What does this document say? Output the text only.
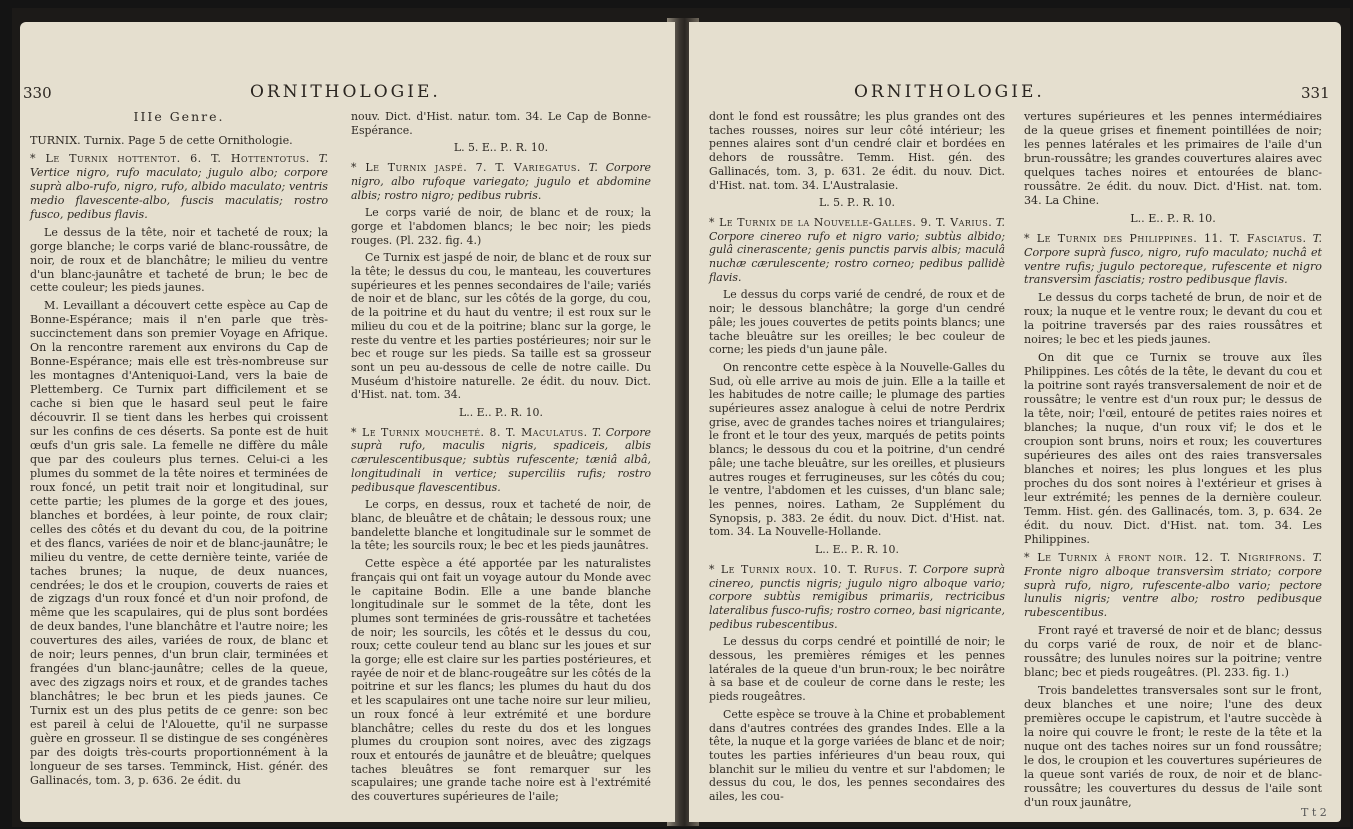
330	ORNITHOLOGIE.
IIIe Genre.

TURNIX. Turnix. Page 5 de cette Ornithologie.

* Le Turnix hottentot. 6. T. Hottentotus. T. Vertice nigro, rufo maculato; jugulo albo; corpore suprà albo-rufo, nigro, rufo, albido maculato; ventris medio flavescente-albo, fuscis maculatis; rostro fusco, pedibus flavis.

Le dessus de la tête, noir et tacheté de roux; la gorge blanche; le corps varié de blanc-roussâtre, de noir, de roux et de blanchâtre; le milieu du ventre d'un blanc-jaunâtre et tacheté de brun; le bec de cette couleur; les pieds jaunes.

M. Levaillant a découvert cette espèce au Cap de Bonne-Espérance; mais il n'en parle que très-succinctement dans son premier Voyage en Afrique. On la rencontre rarement aux environs du Cap de Bonne-Espérance; mais elle est très-nombreuse sur les montagnes d'Anteniquoi-Land, vers la baie de Plettemberg. Ce Turnix part difficilement et se cache si bien que le hasard seul peut le faire découvrir. Il se tient dans les herbes qui croissent sur les confins de ces déserts. Sa ponte est de huit œufs d'un gris sale. La femelle ne diffère du mâle que par des couleurs plus ternes. Celui-ci a les plumes du sommet de la tête noires et terminées de roux foncé, un petit trait noir et longitudinal, sur cette partie; les plumes de la gorge et des joues, blanches et bordées, à leur pointe, de roux clair; celles des côtés et du devant du cou, de la poitrine et des flancs, variées de noir et de blanc-jaunâtre; le milieu du ventre, de cette dernière teinte, variée de taches brunes; la nuque, de deux nuances, cendrées; le dos et le croupion, couverts de raies et de zigzags d'un roux foncé et d'un noir profond, de même que les scapulaires, qui de plus sont bordées de deux bandes, l'une blanchâtre et l'autre noire; les couvertures des ailes, variées de roux, de blanc et de noir; leurs pennes, d'un brun clair, terminées et frangées d'un blanc-jaunâtre; celles de la queue, avec des zigzags noirs et roux, et de grandes taches blanchâtres; le bec brun et les pieds jaunes. Ce Turnix est un des plus petits de ce genre: son bec est pareil à celui de l'Alouette, qu'il ne surpasse guère en grosseur. Il se distingue de ses congénères par des doigts très-courts proportionnément à la longueur de ses tarses. Temminck, Hist. génér. des Gallinacés, tom. 3, p. 636. 2e édit. du

nouv. Dict. d'Hist. natur. tom. 34. Le Cap de Bonne-Espérance.

L. 5. E.. P.. R. 10.

* Le Turnix jaspé. 7. T. Variegatus. T. Corpore nigro, albo rufoque variegato; jugulo et abdomine albis; rostro nigro; pedibus rubris.

Le corps varié de noir, de blanc et de roux; la gorge et l'abdomen blancs; le bec noir; les pieds rouges. (Pl. 232. fig. 4.)

Ce Turnix est jaspé de noir, de blanc et de roux sur la tête; le dessus du cou, le manteau, les couvertures supérieures et les pennes secondaires de l'aile; variés de noir et de blanc, sur les côtés de la gorge, du cou, de la poitrine et du haut du ventre; il est roux sur le milieu du cou et de la poitrine; blanc sur la gorge, le reste du ventre et les parties postérieures; noir sur le bec et rouge sur les pieds. Sa taille est sa grosseur sont un peu au-dessous de celle de notre caille. Du Muséum d'histoire naturelle. 2e édit. du nouv. Dict. d'Hist. nat. tom. 34.

L.. E.. P.. R. 10.

* Le Turnix moucheté. 8. T. Maculatus. T. Corpore suprà rufo, maculis nigris, spadiceis, albis cærulescentibusque; subtùs rufescente; tæniâ albâ, longitudinali in vertice; superciliis rufis; rostro pedibusque flavescentibus.

Le corps, en dessus, roux et tacheté de noir, de blanc, de bleuâtre et de châtain; le dessous roux; une bandelette blanche et longitudinale sur le sommet de la tête; les sourcils roux; le bec et les pieds jaunâtres.

Cette espèce a été apportée par les naturalistes français qui ont fait un voyage autour du Monde avec le capitaine Bodin. Elle a une bande blanche longitudinale sur le sommet de la tête, dont les plumes sont terminées de gris-roussâtre et tachetées de noir; les sourcils, les côtés et le dessus du cou, roux; cette couleur tend au blanc sur les joues et sur la gorge; elle est claire sur les parties postérieures, et rayée de noir et de blanc-rougeâtre sur les côtés de la poitrine et sur les flancs; les plumes du haut du dos et les scapulaires ont une tache noire sur leur milieu, un roux foncé à leur extrémité et une bordure blanchâtre; celles du reste du dos et les longues plumes du croupion sont noires, avec des zigzags roux et entourés de jaunâtre et de bleuâtre; quelques taches bleuâtres se font remarquer sur les scapulaires; une grande tache noire est à l'extrémité des couvertures supérieures de l'aile;

ORNITHOLOGIE.	331

dont le fond est roussâtre; les plus grandes ont des taches rousses, noires sur leur côté intérieur; les pennes alaires sont d'un cendré clair et bordées en dehors de roussâtre. Temm. Hist. gén. des Gallinacés, tom. 3, p. 631. 2e édit. du nouv. Dict. d'Hist. nat. tom. 34. L'Australasie.

L. 5. P.. R. 10.

* Le Turnix de la Nouvelle-Galles. 9. T. Varius. T. Corpore cinereo rufo et nigro vario; subtùs albido; gulâ cinerascente; genis punctis parvis albis; maculâ nuchæ cærulescente; rostro corneo; pedibus pallidè flavis.

Le dessus du corps varié de cendré, de roux et de noir; le dessous blanchâtre; la gorge d'un cendré pâle; les joues couvertes de petits points blancs; une tache bleuâtre sur les oreilles; le bec couleur de corne; les pieds d'un jaune pâle.

On rencontre cette espèce à la Nouvelle-Galles du Sud, où elle arrive au mois de juin. Elle a la taille et les habitudes de notre caille; le plumage des parties supérieures assez analogue à celui de notre Perdrix grise, avec de grandes taches noires et triangulaires; le front et le tour des yeux, marqués de petits points blancs; le dessous du cou et la poitrine, d'un cendré pâle; une tache bleuâtre, sur les oreilles, et plusieurs autres rouges et ferrugineuses, sur les côtés du cou; le ventre, l'abdomen et les cuisses, d'un blanc sale; les pennes, noires. Latham, 2e Supplément du Synopsis, p. 383. 2e édit. du nouv. Dict. d'Hist. nat. tom. 34. La Nouvelle-Hollande.

L.. E.. P.. R. 10.

* Le Turnix roux. 10. T. Rufus. T. Corpore suprà cinereo, punctis nigris; jugulo nigro alboque vario; corpore subtùs remigibus primariis, rectricibus lateralibus fusco-rufis; rostro corneo, basi nigricante, pedibus rubescentibus.

Le dessus du corps cendré et pointillé de noir; le dessous, les premières rémiges et les pennes latérales de la queue d'un brun-roux; le bec noirâtre à sa base et de couleur de corne dans le reste; les pieds rougeâtres.

Cette espèce se trouve à la Chine et probablement dans d'autres contrées des grandes Indes. Elle a la tête, la nuque et la gorge variées de blanc et de noir; toutes les parties inférieures d'un beau roux, qui blanchit sur le milieu du ventre et sur l'abdomen; le dessus du cou, le dos, les pennes secondaires des ailes, les cou-

vertures supérieures et les pennes intermédiaires de la queue grises et finement pointillées de noir; les pennes latérales et les primaires de l'aile d'un brun-roussâtre; les grandes couvertures alaires avec quelques taches noires et entourées de blanc-roussâtre. 2e édit. du nouv. Dict. d'Hist. nat. tom. 34. La Chine.

L.. E.. P.. R. 10.

* Le Turnix des Philippines. 11. T. Fasciatus. T. Corpore suprà fusco, nigro, rufo maculato; nuchâ et ventre rufis; jugulo pectoreque, rufescente et nigro transversìm fasciatis; rostro pedibusque flavis.

Le dessus du corps tacheté de brun, de noir et de roux; la nuque et le ventre roux; le devant du cou et la poitrine traversés par des raies roussâtres et noires; le bec et les pieds jaunes.

On dit que ce Turnix se trouve aux îles Philippines. Les côtés de la tête, le devant du cou et la poitrine sont rayés transversalement de noir et de roussâtre; le ventre est d'un roux pur; le dessus de la tête, noir; l'œil, entouré de petites raies noires et blanches; la nuque, d'un roux vif; le dos et le croupion sont bruns, noirs et roux; les couvertures supérieures des ailes ont des raies transversales blanches et noires; les plus longues et les plus proches du dos sont noires à l'extérieur et grises à leur extrémité; les pennes de la dernière couleur. Temm. Hist. gén. des Gallinacés, tom. 3, p. 634. 2e édit. du nouv. Dict. d'Hist. nat. tom. 34. Les Philippines.

* Le Turnix à front noir. 12. T. Nigrifrons. T. Fronte nigro alboque transversìm striato; corpore suprà rufo, nigro, rufescente-albo vario; pectore lunulis nigris; ventre albo; rostro pedibusque rubescentibus.

Front rayé et traversé de noir et de blanc; dessus du corps varié de roux, de noir et de blanc-roussâtre; des lunules noires sur la poitrine; ventre blanc; bec et pieds rougeâtres. (Pl. 233. fig. 1.)

Trois bandelettes transversales sont sur le front, deux blanches et une noire; l'une des deux premières occupe le capistrum, et l'autre succède à la noire qui couvre le front; le reste de la tête et la nuque ont des taches noires sur un fond roussâtre; le dos, le croupion et les couvertures supérieures de la queue sont variés de roux, de noir et de blanc-roussâtre; les couvertures du dessus de l'aile sont d'un roux jaunâtre,

T t 2
